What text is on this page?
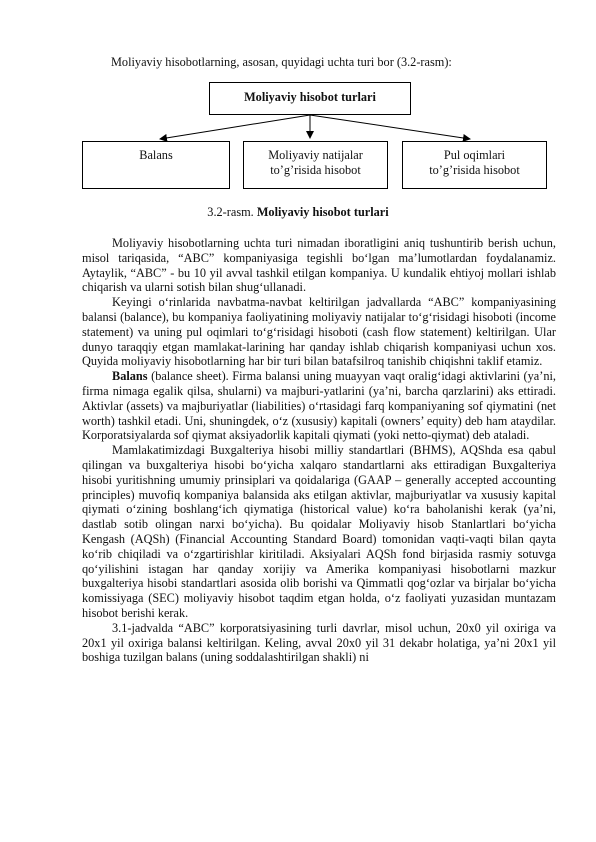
Moliyaviy hisobotlarning, asosan, quyidagi uchta turi bor (3.2-rasm):
Moliyaviy hisobot turlari
Balans	Moliyaviy natijalar
to’g’risida hisobot
Pul oqimlari
to’g’risida hisobot
3.2-rasm. Moliyaviy hisobot turlari

Moliyaviy hisobotlarning uchta turi nimadan iboratligini aniq tushuntirib berish uchun, misol tariqasida, “ABC” kompaniyasiga tegishli bo‘lgan ma’lumotlardan foydalanamiz. Aytaylik, “ABC” - bu 10 yil avval tashkil etilgan kompaniya. U kundalik ehtiyoj mollari ishlab chiqarish va ularni sotish bilan shug‘ullanadi.

Keyingi o‘rinlarida navbatma-navbat keltirilgan jadvallarda “ABC” kompaniyasining balansi (balance), bu kompaniya faoliyatining moliyaviy natijalar to‘g‘risidagi hisoboti (income statement) va uning pul oqimlari to‘g‘risidagi hisoboti (cash flow statement) keltirilgan. Ular dunyo taraqqiy etgan mamlakat-larining har qanday ishlab chiqarish kompaniyasi uchun xos. Quyida moliyaviy hisobotlarning har bir turi bilan batafsilroq tanishib chiqishni taklif etamiz.

Balans (balance sheet). Firma balansi uning muayyan vaqt oralig‘idagi aktivlarini (ya’ni, firma nimaga egalik qilsa, shularni) va majburi-yatlarini (ya’ni, barcha qarzlarini) aks ettiradi. Aktivlar (assets) va majburiyatlar (liabilities) o‘rtasidagi farq kompaniyaning sof qiymatini (net worth) tashkil etadi. Uni, shuningdek, o‘z (xususiy) kapitali (owners’ equity) deb ham ataydilar. Korporatsiyalarda sof qiymat aksiyadorlik kapitali qiymati (yoki netto-qiymat) deb ataladi.

Mamlakatimizdagi Buxgalteriya hisobi milliy standartlari (BHMS), AQShda esa qabul qilingan va buxgalteriya hisobi bo‘yicha xalqaro standartlarni aks ettiradigan Buxgalteriya hisobi yuritishning umumiy prinsiplari va qoidalariga (GAAP – generally accepted accounting principles) muvofiq kompaniya balansida aks etilgan aktivlar, majburiyatlar va xususiy kapital qiymati o‘zining boshlang‘ich qiymatiga (historical value) ko‘ra baholanishi kerak (ya’ni, dastlab sotib olingan narxi bo‘yicha). Bu qoidalar Moliyaviy hisob Stanlartlari bo‘yicha Kengash (AQSh) (Financial Accounting Standard Board) tomonidan vaqti-vaqti bilan qayta ko‘rib chiqiladi va o‘zgartirishlar kiritiladi. Aksiyalari AQSh fond birjasida rasmiy sotuvga qo‘yilishini istagan har qanday xorijiy va Amerika kompaniyasi hisobotlarni mazkur buxgalteriya hisobi standartlari asosida olib borishi va Qimmatli qog‘ozlar va birjalar bo‘yicha komissiyaga (SEC) moliyaviy hisobot taqdim etgan holda, o‘z faoliyati yuzasidan muntazam hisobot berishi kerak.

3.1-jadvalda “ABC” korporatsiyasining turli davrlar, misol uchun, 20x0 yil oxiriga va 20x1 yil oxiriga balansi keltirilgan. Keling, avval 20x0 yil 31 dekabr holatiga, ya’ni 20x1 yil boshiga tuzilgan balans (uning soddalashtirilgan shakli) ni
